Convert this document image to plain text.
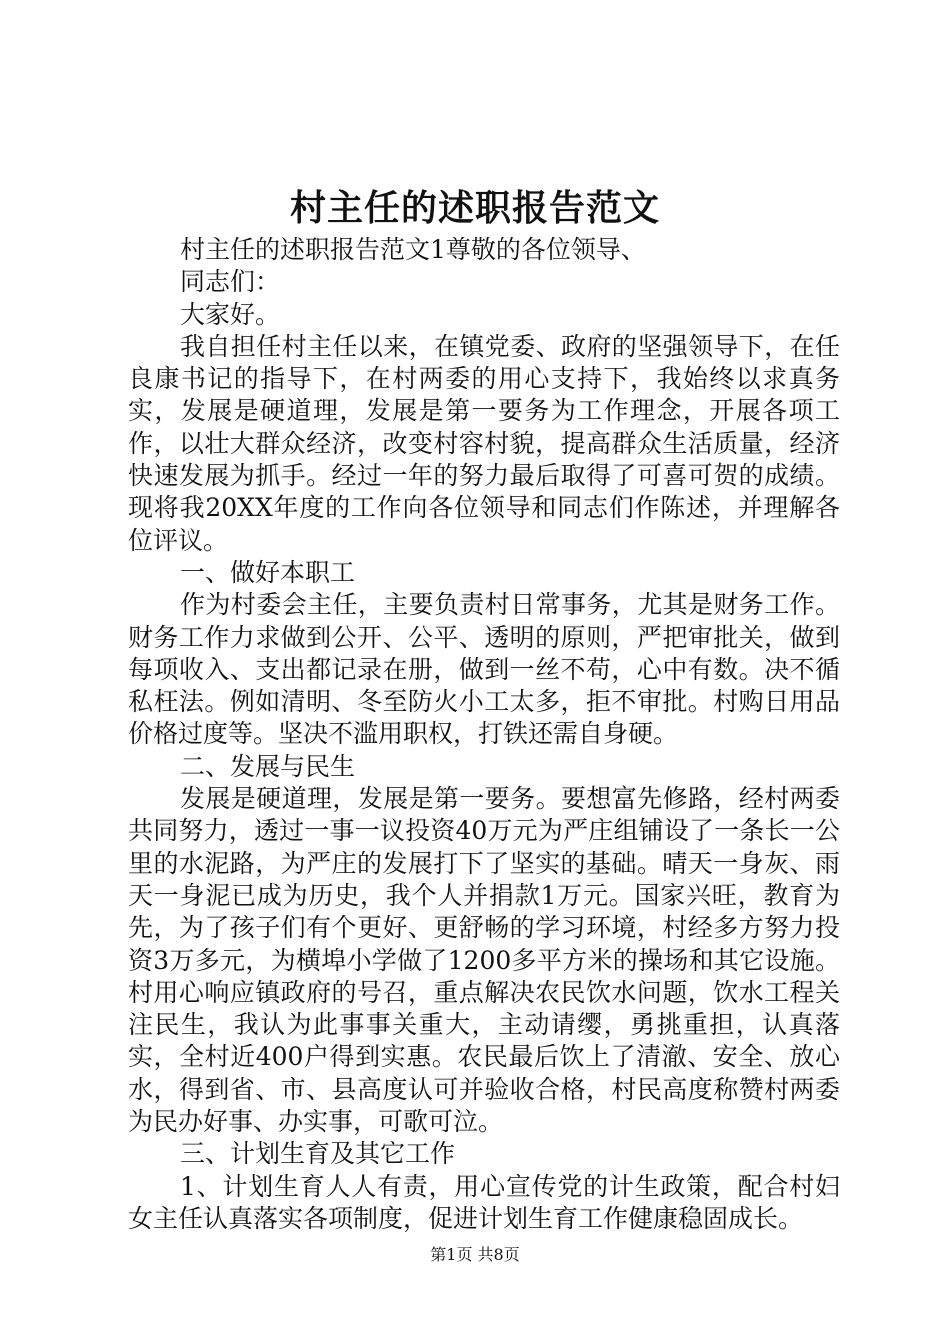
村主任的述职报告范文

村主任的述职报告范文1尊敬的各位领导、

同志们：

大家好。

我自担任村主任以来，在镇党委、政府的坚强领导下，在任良康书记的指导下，在村两委的用心支持下，我始终以求真务实，发展是硬道理，发展是第一要务为工作理念，开展各项工作，以壮大群众经济，改变村容村貌，提高群众生活质量，经济快速发展为抓手。经过一年的努力最后取得了可喜可贺的成绩。现将我20XX年度的工作向各位领导和同志们作陈述，并理解各位评议。

一、做好本职工

作为村委会主任，主要负责村日常事务，尤其是财务工作。财务工作力求做到公开、公平、透明的原则，严把审批关，做到每项收入、支出都记录在册，做到一丝不苟，心中有数。决不循私枉法。例如清明、冬至防火小工太多，拒不审批。村购日用品价格过度等。坚决不滥用职权，打铁还需自身硬。

二、发展与民生

发展是硬道理，发展是第一要务。要想富先修路，经村两委共同努力，透过一事一议投资40万元为严庄组铺设了一条长一公里的水泥路，为严庄的发展打下了坚实的基础。晴天一身灰、雨天一身泥已成为历史，我个人并捐款1万元。国家兴旺，教育为先，为了孩子们有个更好、更舒畅的学习环境，村经多方努力投资3万多元，为横埠小学做了1200多平方米的操场和其它设施。村用心响应镇政府的号召，重点解决农民饮水问题，饮水工程关注民生，我认为此事事关重大，主动请缨，勇挑重担，认真落实，全村近400户得到实惠。农民最后饮上了清澈、安全、放心水，得到省、市、县高度认可并验收合格，村民高度称赞村两委为民办好事、办实事，可歌可泣。

三、计划生育及其它工作

1、计划生育人人有责，用心宣传党的计生政策，配合村妇女主任认真落实各项制度，促进计划生育工作健康稳固成长。

第1页 共8页
